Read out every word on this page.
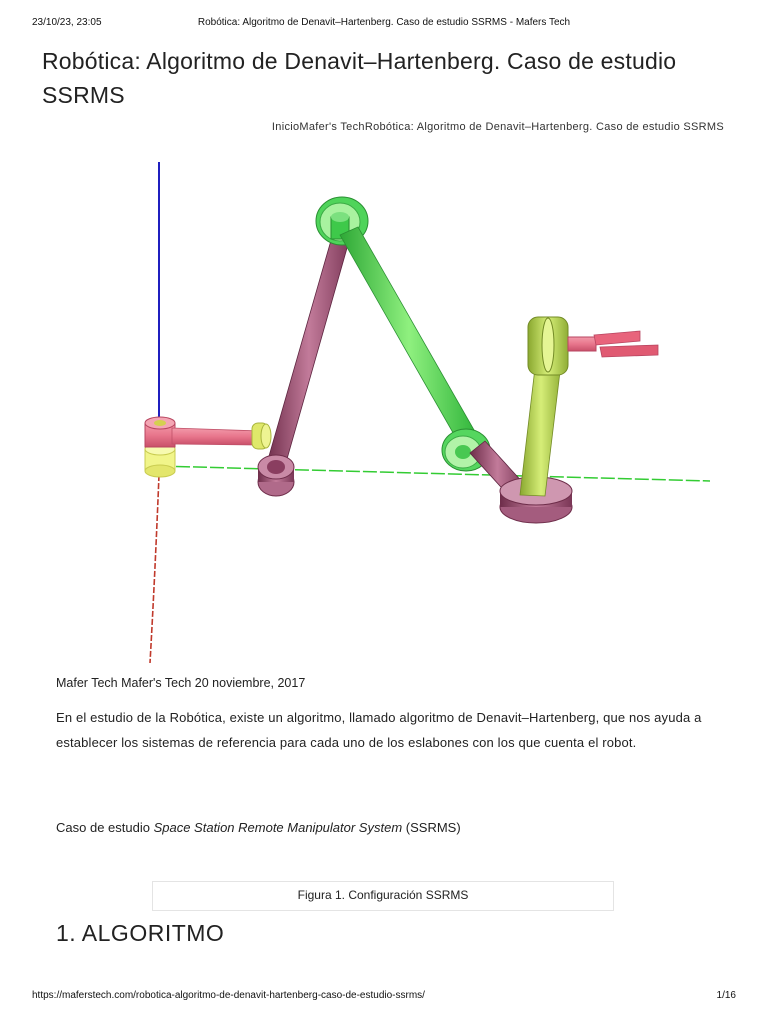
23/10/23, 23:05	Robótica: Algoritmo de Denavit–Hartenberg. Caso de estudio SSRMS - Mafers Tech
Robótica: Algoritmo de Denavit–Hartenberg. Caso de estudio SSRMS
InicioMafer's TechRobótica: Algoritmo de Denavit–Hartenberg. Caso de estudio SSRMS
Mafer Tech Mafer's Tech 20 noviembre, 2017

En el estudio de la Robótica, existe un algoritmo, llamado algoritmo de Denavit–Hartenberg, que nos ayuda a establecer los sistemas de referencia para cada uno de los eslabones con los que cuenta el robot.

Caso de estudio Space Station Remote Manipulator System (SSRMS)

Figura 1. Configuración SSRMS
1. ALGORITMO
https://maferstech.com/robotica-algoritmo-de-denavit-hartenberg-caso-de-estudio-ssrms/	1/16
